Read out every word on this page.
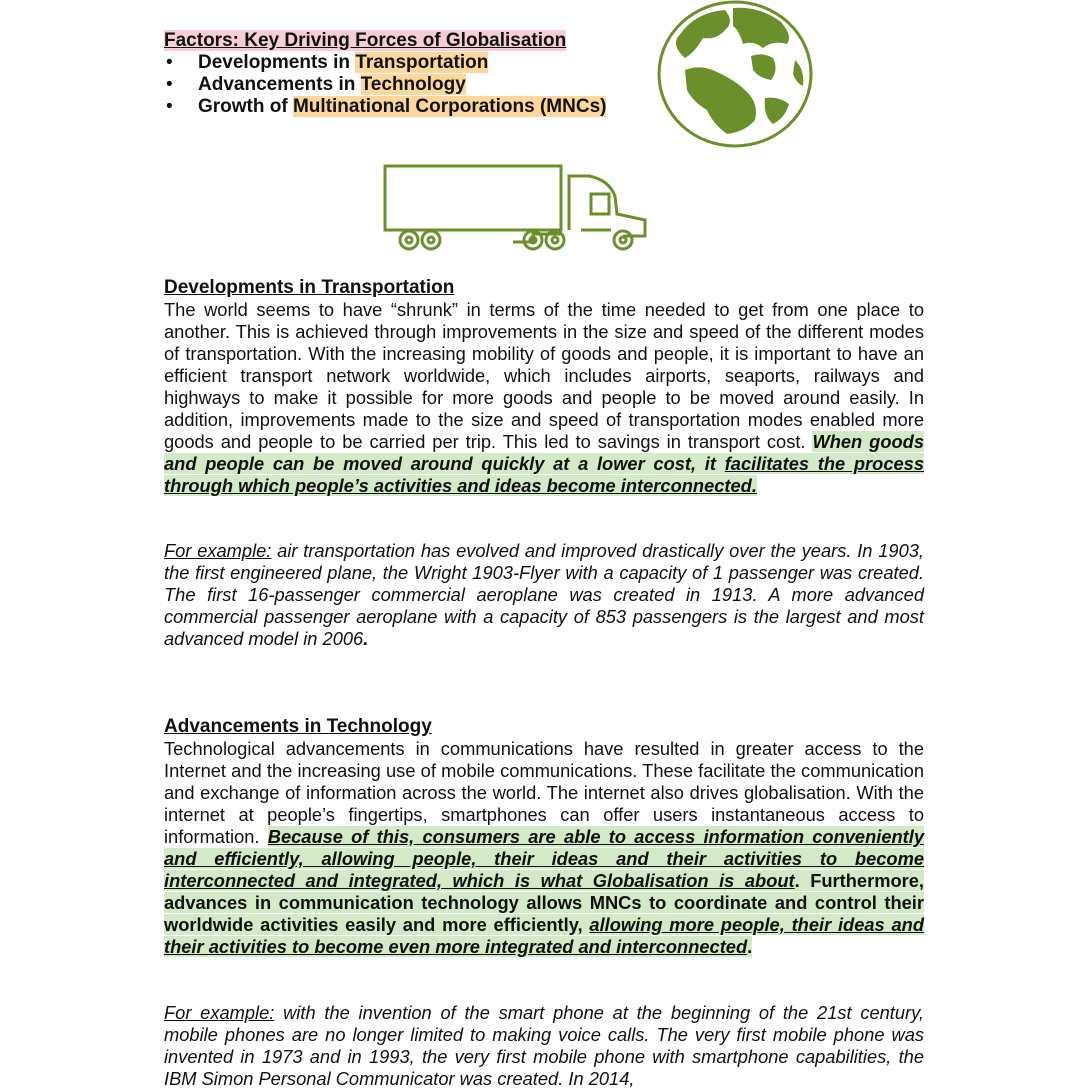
Factors: Key Driving Forces of Globalisation
• Developments in Transportation
• Advancements in Technology
• Growth of Multinational Corporations (MNCs)
Developments in Transportation

The world seems to have “shrunk” in terms of the time needed to get from one place to another. This is achieved through improvements in the size and speed of the different modes of transportation. With the increasing mobility of goods and people, it is important to have an efficient transport network worldwide, which includes airports, seaports, railways and highways to make it possible for more goods and people to be moved around easily. In addition, improvements made to the size and speed of transportation modes enabled more goods and people to be carried per trip. This led to savings in transport cost. When goods and people can be moved around quickly at a lower cost, it facilitates the process through which people’s activities and ideas become interconnected.

For example: air transportation has evolved and improved drastically over the years. In 1903, the first engineered plane, the Wright 1903-Flyer with a capacity of 1 passenger was created. The first 16-passenger commercial aeroplane was created in 1913. A more advanced commercial passenger aeroplane with a capacity of 853 passengers is the largest and most advanced model in 2006.

Advancements in Technology

Technological advancements in communications have resulted in greater access to the Internet and the increasing use of mobile communications. These facilitate the communication and exchange of information across the world. The internet also drives globalisation. With the internet at people’s fingertips, smartphones can offer users instantaneous access to information. Because of this, consumers are able to access information conveniently and efficiently, allowing people, their ideas and their activities to become interconnected and integrated, which is what Globalisation is about. Furthermore, advances in communication technology allows MNCs to coordinate and control their worldwide activities easily and more efficiently, allowing more people, their ideas and their activities to become even more integrated and interconnected.

For example: with the invention of the smart phone at the beginning of the 21st century, mobile phones are no longer limited to making voice calls. The very first mobile phone was invented in 1973 and in 1993, the very first mobile phone with smartphone capabilities, the IBM Simon Personal Communicator was created. In 2014,
